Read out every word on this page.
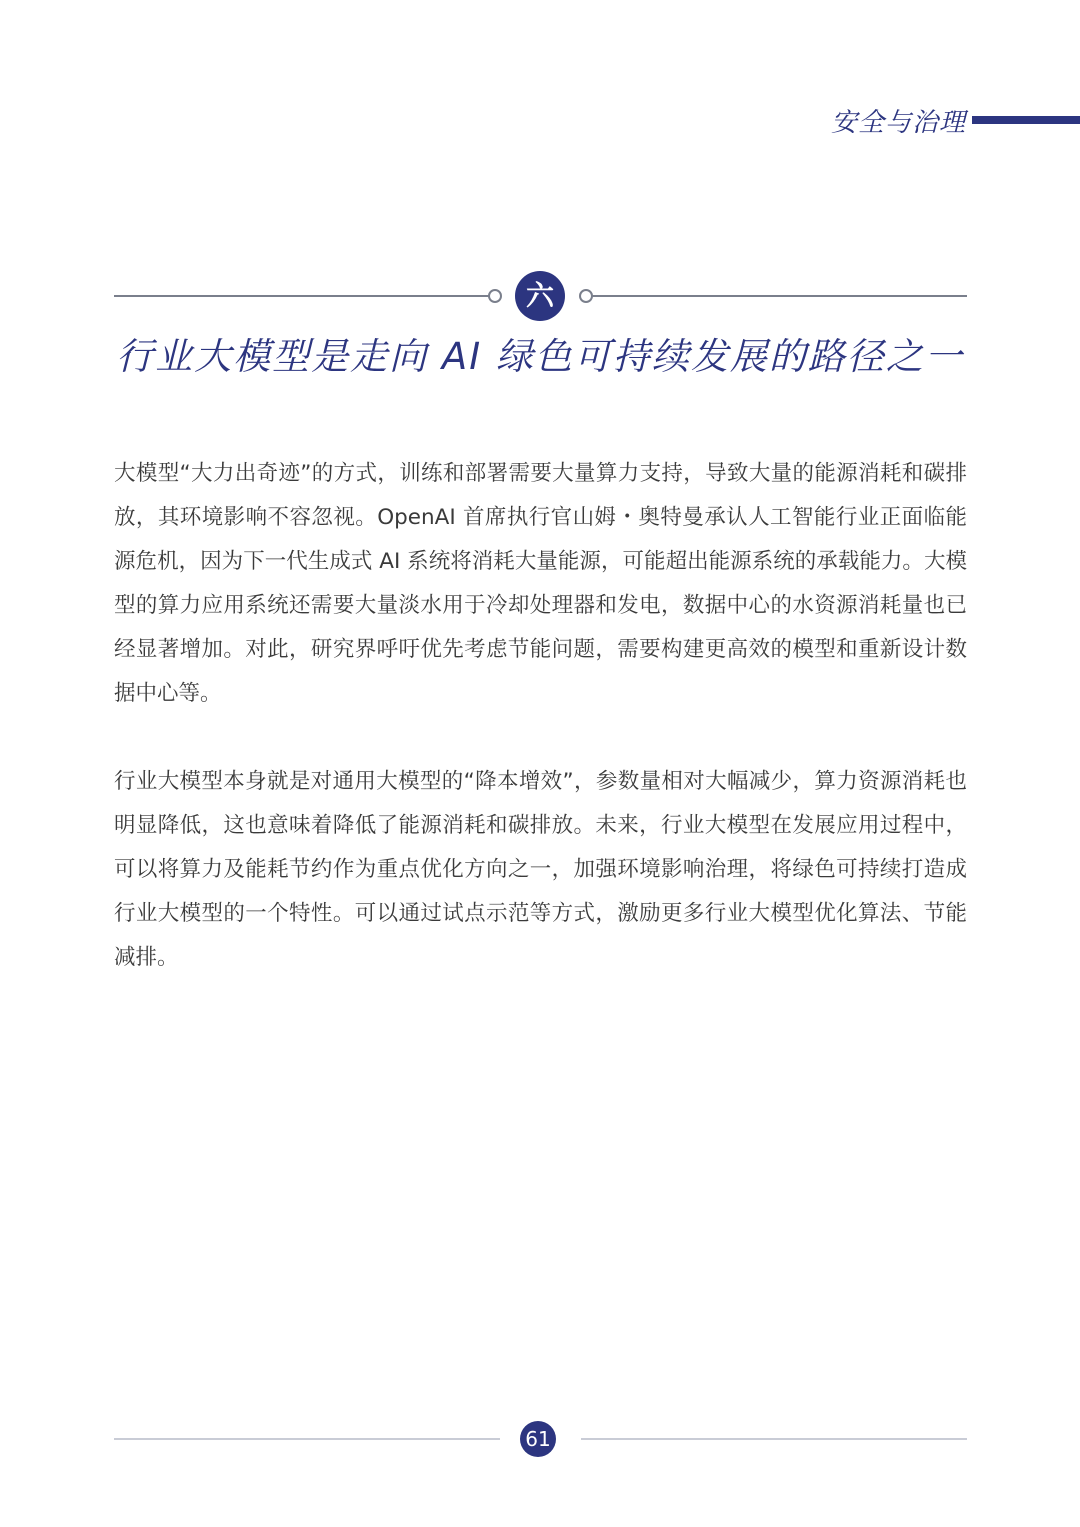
安全与治理
六
行业大模型是走向 AI 绿色可持续发展的路径之一

大模型“大力出奇迹”的方式，训练和部署需要大量算力支持，导致大量的能源消耗和碳排放，其环境影响不容忽视。OpenAI 首席执行官山姆・奥特曼承认人工智能行业正面临能源危机，因为下一代生成式 AI 系统将消耗大量能源，可能超出能源系统的承载能力。大模型的算力应用系统还需要大量淡水用于冷却处理器和发电，数据中心的水资源消耗量也已经显著增加。对此，研究界呼吁优先考虑节能问题，需要构建更高效的模型和重新设计数据中心等。

行业大模型本身就是对通用大模型的“降本增效”，参数量相对大幅减少，算力资源消耗也明显降低，这也意味着降低了能源消耗和碳排放。未来，行业大模型在发展应用过程中，可以将算力及能耗节约作为重点优化方向之一，加强环境影响治理，将绿色可持续打造成行业大模型的一个特性。可以通过试点示范等方式，激励更多行业大模型优化算法、节能减排。

61
